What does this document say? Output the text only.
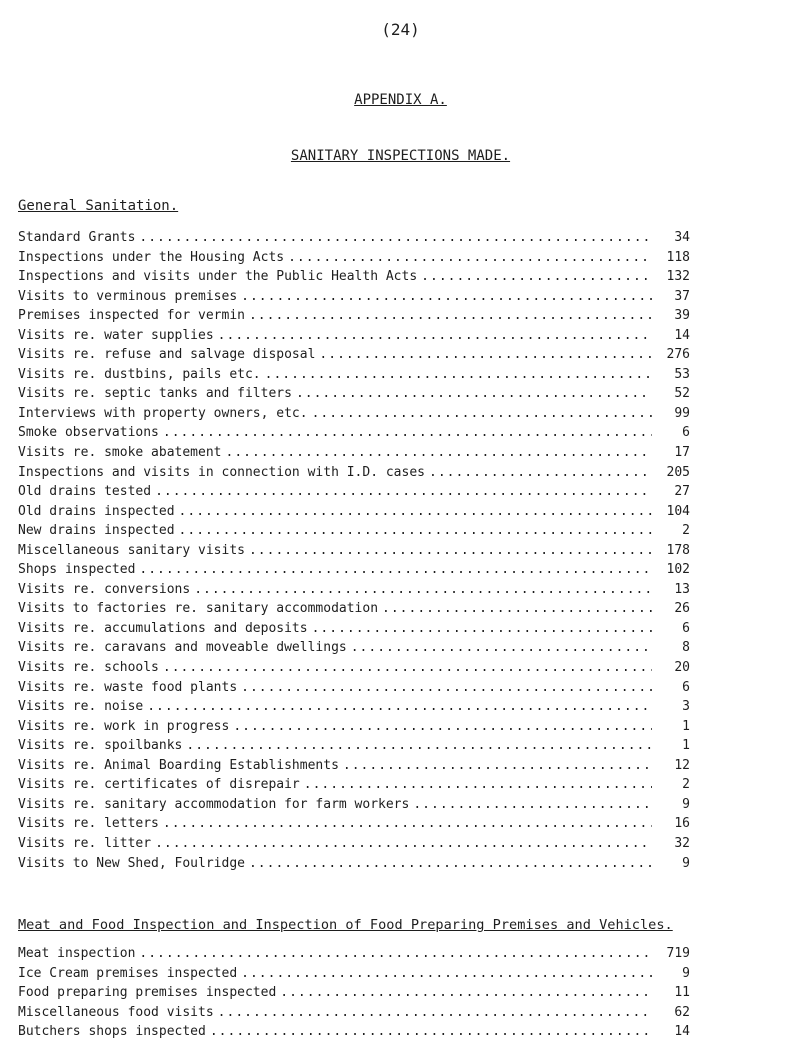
(24)
APPENDIX A.
SANITARY INSPECTIONS MADE.
General Sanitation.
Standard Grants .....	34
Inspections under the Housing Acts .....	118
Inspections and visits under the Public Health Acts .....	132
Visits to verminous premises .....	37
Premises inspected for vermin .....	39
Visits re. water supplies .....	14
Visits re. refuse and salvage disposal .....	276
Visits re. dustbins, pails etc. .....	53
Visits re. septic tanks and filters .....	52
Interviews with property owners, etc. .....	99
Smoke observations .....	6
Visits re. smoke abatement .....	17
Inspections and visits in connection with I.D. cases .....	205
Old drains tested .....	27
Old drains inspected .....	104
New drains inspected .....	2
Miscellaneous sanitary visits .....	178
Shops inspected .....	102
Visits re. conversions .....	13
Visits to factories re. sanitary accommodation .....	26
Visits re. accumulations and deposits .....	6
Visits re. caravans and moveable dwellings .....	8
Visits re. schools .....	20
Visits re. waste food plants .....	6
Visits re. noise .....	3
Visits re. work in progress .....	1
Visits re. spoilbanks .....	1
Visits re. Animal Boarding Establishments .....	12
Visits re. certificates of disrepair .....	2
Visits re. sanitary accommodation for farm workers .....	9
Visits re. letters .....	16
Visits re. litter .....	32
Visits to New Shed, Foulridge .....	9
Meat and Food Inspection and Inspection of Food Preparing Premises and Vehicles.
Meat inspection .....	719
Ice Cream premises inspected .....	9
Food preparing premises inspected .....	11
Miscellaneous food visits .....	62
Butchers shops inspected .....	14
